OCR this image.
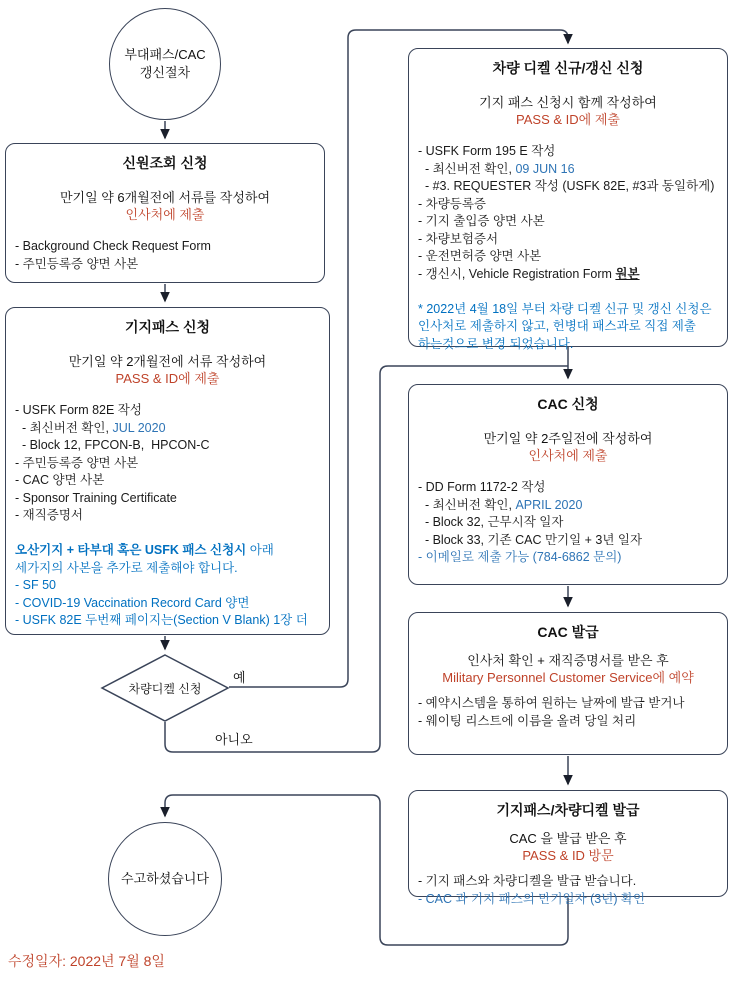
부대패스/CAC
갱신절차
신원조회 신청
만기일 약 6개월전에 서류를 작성하여
인사처에 제출
- Background Check Request Form
- 주민등록증 양면 사본
기지패스 신청
만기일 약 2개월전에 서류 작성하여
PASS & ID에 제출
- USFK Form 82E 작성
- 최신버전 확인, JUL 2020
- Block 12, FPCON-B,  HPCON-C
- 주민등록증 양면 사본
- CAC 양면 사본
- Sponsor Training Certificate
- 재직증명서
오산기지 + 타부대 혹은 USFK 패스 신청시 아래
세가지의 사본을 추가로 제출해야 합니다.
- SF 50
- COVID-19 Vaccination Record Card 양면
- USFK 82E 두번째 페이지는(Section V Blank) 1장 더
차량디켈 신청
예
아니오
차량 디켈 신규/갱신 신청
기지 패스 신청시 함께 작성하여
PASS & ID에 제출
- USFK Form 195 E 작성
- 최신버전 확인, 09 JUN 16
- #3. REQUESTER 작성 (USFK 82E, #3과 동일하게)
- 차량등록증
- 기지 출입증 양면 사본
- 차량보험증서
- 운전면허증 양면 사본
- 갱신시, Vehicle Registration Form 원본
* 2022년 4월 18일 부터 차량 디켈 신규 및 갱신 신청은
인사처로 제출하지 않고, 헌병대 패스과로 직접 제출
하는것으로 변경 되었습니다.
CAC 신청
만기일 약 2주일전에 작성하여
인사처에 제출
- DD Form 1172-2 작성
- 최신버전 확인, APRIL 2020
- Block 32, 근무시작 일자
- Block 33, 기존 CAC 만기일 + 3년 일자
- 이메일로 제출 가능 (784-6862 문의)
CAC 발급
인사처 확인 + 재직증명서를 받은 후
Military Personnel Customer Service에 예약
- 예약시스템을 통하여 원하는 날짜에 발급 받거나
- 웨이팅 리스트에 이름을 올려 당일 처리
기지패스/차량디켈 발급
CAC 을 발급 받은 후
PASS & ID 방문
- 기지 패스와 차량디켈을 발급 받습니다.
- CAC 과 기지 패스의 만기일자 (3년) 확인
수고하셨습니다
수정일자: 2022년 7월 8일
